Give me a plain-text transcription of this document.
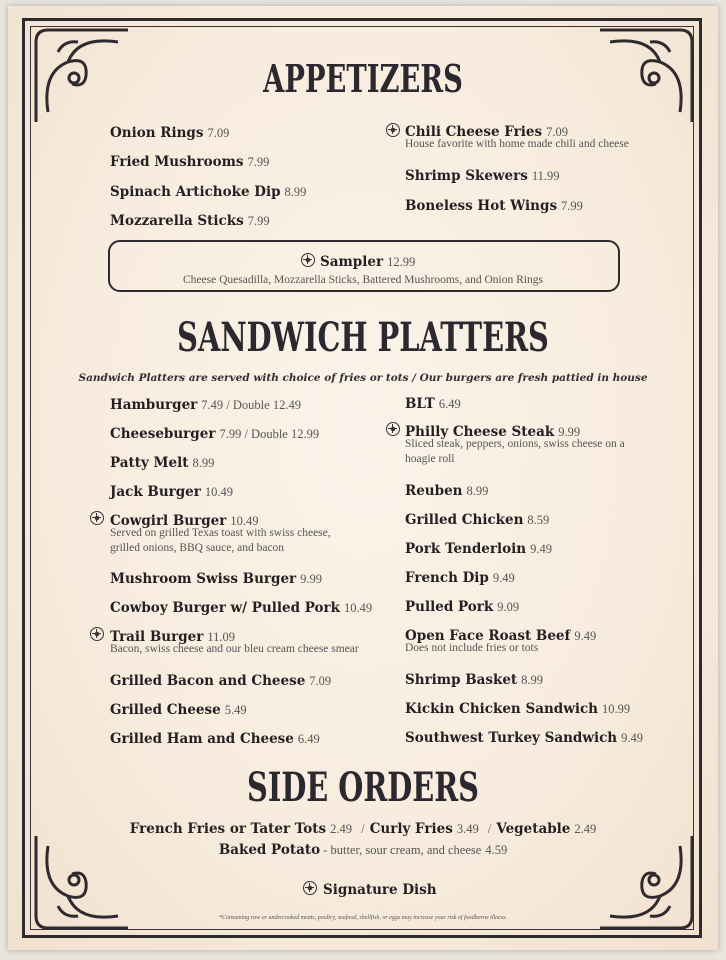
APPETIZERS
Onion Rings 7.09
Fried Mushrooms 7.99
Spinach Artichoke Dip 8.99
Mozzarella Sticks 7.99
Chili Cheese Fries 7.09
House favorite with home made chili and cheese
Shrimp Skewers 11.99
Boneless Hot Wings 7.99
Sampler 12.99
Cheese Quesadilla, Mozzarella Sticks, Battered Mushrooms, and Onion Rings
SANDWICH PLATTERS
Sandwich Platters are served with choice of fries or tots / Our burgers are fresh pattied in house
Hamburger 7.49 / Double 12.49
Cheeseburger 7.99 / Double 12.99
Patty Melt 8.99
Jack Burger 10.49
Cowgirl Burger 10.49
Served on grilled Texas toast with swiss cheese, grilled onions, BBQ sauce, and bacon
Mushroom Swiss Burger 9.99
Cowboy Burger w/ Pulled Pork 10.49
Trail Burger 11.09
Bacon, swiss cheese and our bleu cream cheese smear
Grilled Bacon and Cheese 7.09
Grilled Cheese 5.49
Grilled Ham and Cheese 6.49
BLT 6.49
Philly Cheese Steak 9.99
Sliced steak, peppers, onions, swiss cheese on a hoagie roll
Reuben 8.99
Grilled Chicken 8.59
Pork Tenderloin 9.49
French Dip 9.49
Pulled Pork 9.09
Open Face Roast Beef 9.49
Does not include fries or tots
Shrimp Basket 8.99
Kickin Chicken Sandwich 10.99
Southwest Turkey Sandwich 9.49
SIDE ORDERS
French Fries or Tater Tots 2.49 / Curly Fries 3.49 / Vegetable 2.49
Baked Potato - butter, sour cream, and cheese 4.59
Signature Dish
*Consuming raw or undercooked meats, poultry, seafood, shellfish, or eggs may increase your risk of foodborne illness.
